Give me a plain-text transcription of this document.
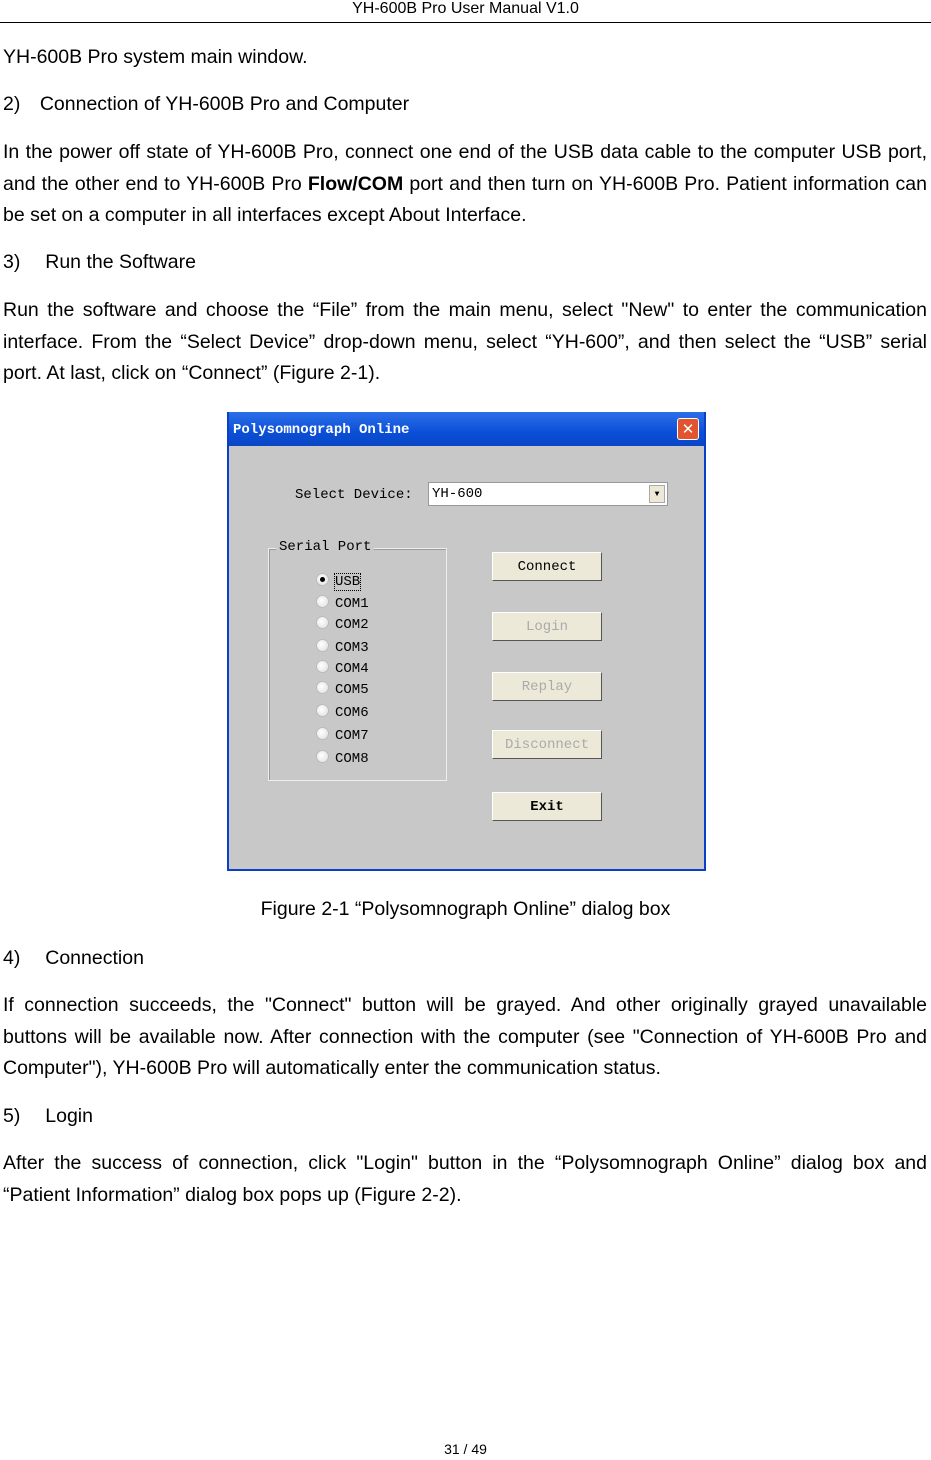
YH-600B Pro User Manual V1.0

YH-600B Pro system main window.

2) Connection of YH-600B Pro and Computer

In the power off state of YH-600B Pro, connect one end of the USB data cable to the computer USB port, and the other end to YH-600B Pro Flow/COM port and then turn on YH-600B Pro. Patient information can be set on a computer in all interfaces except About Interface.

3)  Run the Software

Run the software and choose the “File” from the main menu, select "New" to enter the communication interface. From the “Select Device” drop-down menu, select “YH-600”, and then select the “USB” serial port. At last, click on “Connect” (Figure 2-1).

Polysomnograph Online	✕
Select Device: YH-600	▼
Serial Port
USB
COM1
COM2
COM3
COM4
COM5
COM6
COM7
COM8
Connect
Login
Replay
Disconnect
Exit
Figure 2-1 “Polysomnograph Online” dialog box

4)  Connection

If connection succeeds, the "Connect" button will be grayed. And other originally grayed unavailable buttons will be available now. After connection with the computer (see "Connection of YH-600B Pro and Computer"), YH-600B Pro will automatically enter the communication status.

5)  Login

After the success of connection, click "Login" button in the “Polysomnograph Online” dialog box and “Patient Information” dialog box pops up (Figure 2-2).

31 / 49
